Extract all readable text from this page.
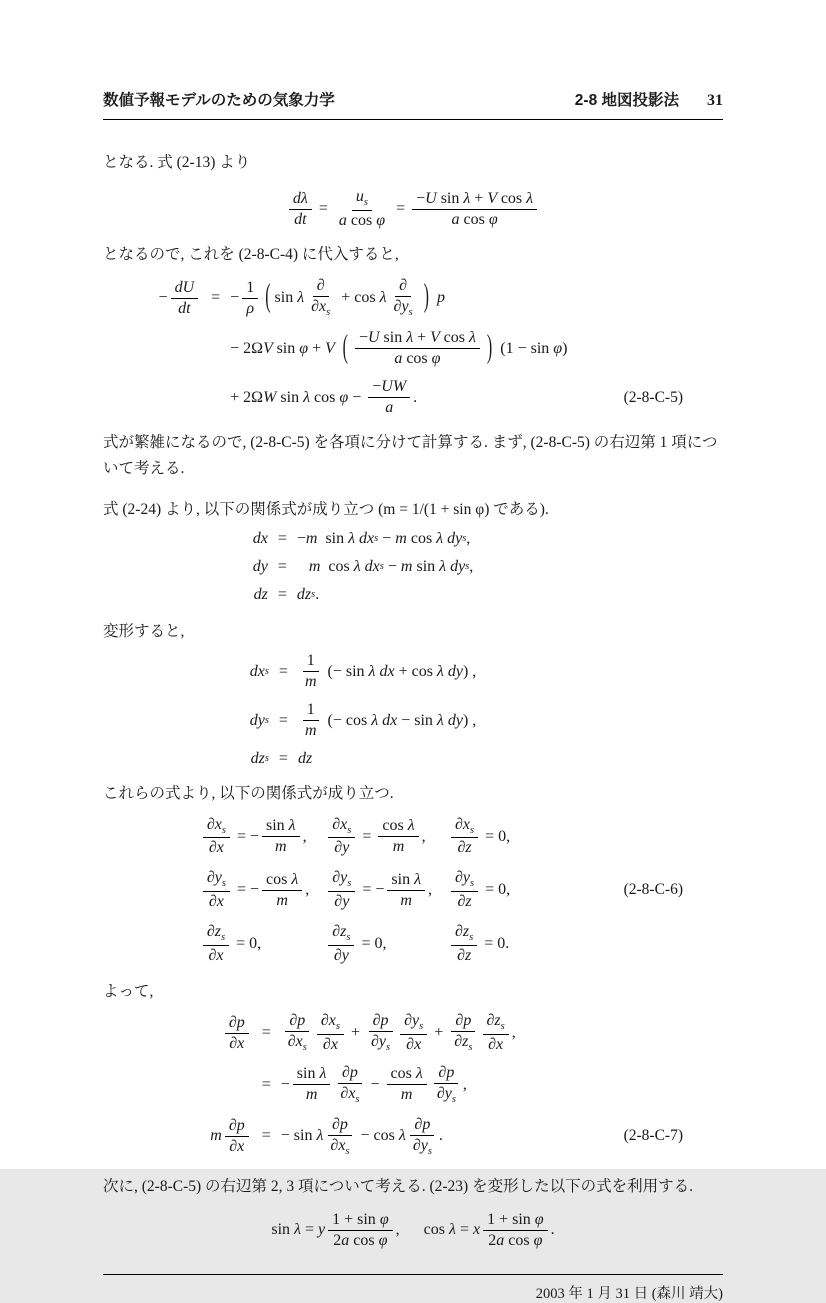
数値予報モデルのための気象力学	2-8 地図投影法 31

となる. 式 (2-13) より

$\frac{d\lambda}{dt} = \frac{u_s}{\text{a cos φ}} = \frac{\text{−U sin λ + V cos λ}}{\text{a cos φ}}$

となるので, これを (2-8-C-4) に代入すると,

− $\frac{dU}{dt}$ = − $\frac{1}{\rho}$ ( sin λ $\frac{\partial}{\partial x_s} + \cos \lambda \frac{\partial}{\partial y_s}$ ) p
− 2Ω V sin φ + V ( $\frac{\text{−U sin λ + V cos λ}}{\text{a cos φ}}$ ) (1 − sin φ )
+ 2Ω W sin λ $\cos \varphi - \frac{-UW}{a}$ .	(2-8-C-5)

式が繁雑になるので, (2-8-C-5) を各項に分けて計算する. まず, (2-8-C-5) の右辺第 1 項について考える.

式 (2-24) より, 以下の関係式が成り立つ (m = 1/(1 + sin φ) である).

dx = − m sin λ dx s − m cos λ dy s ,
dy =
	m cos λ dx s − m sin λ dy s ,
dz = dz s .

変形すると,

dx $s = \frac{1}{m}$ (− sin λ dx + cos λ dy ) ,
dy $s = \frac{1}{m}$ (− cos λ dx − sin λ dy ) ,
dz s = dz

これらの式より, 以下の関係式が成り立つ.

$\frac{\partial x_s}{\partial x}$ = − $\frac{\text{sin λ}}{m}$ , $\frac{\partial x_s}{\partial y} = \frac{\text{cos λ}}{m}$ , $\frac{\partial x_s}{\partial z} = 0$,
$\frac{\partial y_s}{\partial x}$ = − $\frac{\text{cos λ}}{m}$ , $\frac{\partial y_s}{\partial y}$ = − $\frac{\text{sin λ}}{m}$ , $\frac{\partial y_s}{\partial z} = 0$,	(2-8-C-6)
$\frac{\partial z_s}{\partial x} = 0$,	$\frac{\partial z_s}{\partial y} = 0$,	$\frac{\partial z_s}{\partial z} = 0$.

よって,

$\frac{\partial p}{\partial x} = \frac{\partial p}{\partial x_s} \frac{\partial x_s}{\partial x} + \frac{\partial p}{\partial y_s} \frac{\partial y_s}{\partial x} + \frac{\partial p}{\partial z_s} \frac{\partial z_s}{\partial x}$ ,
= − $\frac{\text{sin λ}}{m} \frac{\partial p}{\partial x_s} - \frac{\text{cos λ}}{m} \frac{\partial p}{\partial y_s}$ ,
m $\frac{\partial p}{\partial x}$ = − sin λ $\frac{\partial p}{\partial x_s} - \cos \lambda \frac{\partial p}{\partial y_s}$ .	(2-8-C-7)

次に, (2-8-C-5) の右辺第 2, 3 項について考える. (2-23) を変形した以下の式を利用する.

sin λ = y $\frac{\text{1 + sin φ}}{\text{2a cos φ}}$ ,      cos λ = x $\frac{\text{1 + sin φ}}{\text{2a cos φ}}$ .
2003 年 1 月 31 日 (森川 靖大)
